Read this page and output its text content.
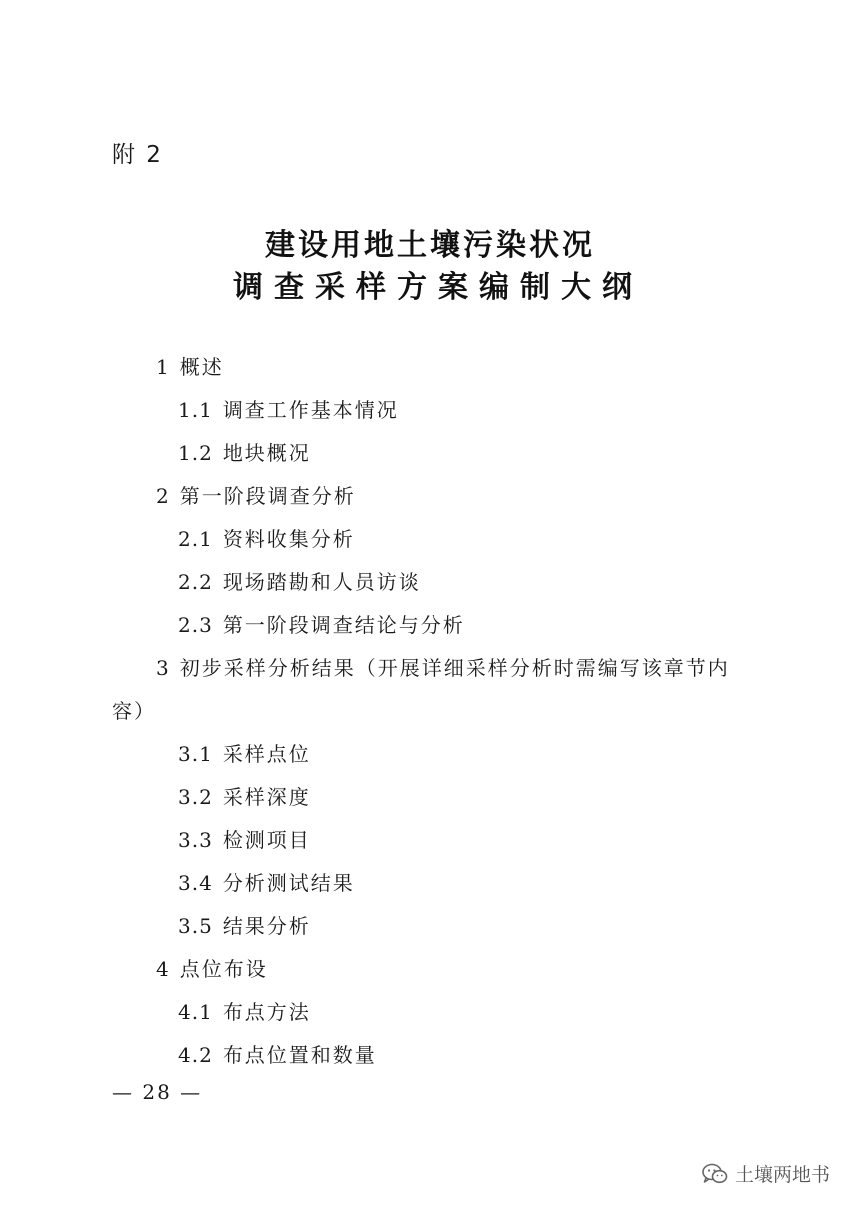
附 2
建设用地土壤污染状况
调查采样方案编制大纲
1 概述
1.1 调查工作基本情况
1.2 地块概况
2 第一阶段调查分析
2.1 资料收集分析
2.2 现场踏勘和人员访谈
2.3 第一阶段调查结论与分析
3 初步采样分析结果（开展详细采样分析时需编写该章节内
容）
3.1 采样点位
3.2 采样深度
3.3 检测项目
3.4 分析测试结果
3.5 结果分析
4 点位布设
4.1 布点方法
4.2 布点位置和数量
— 28 —
土壤两地书
